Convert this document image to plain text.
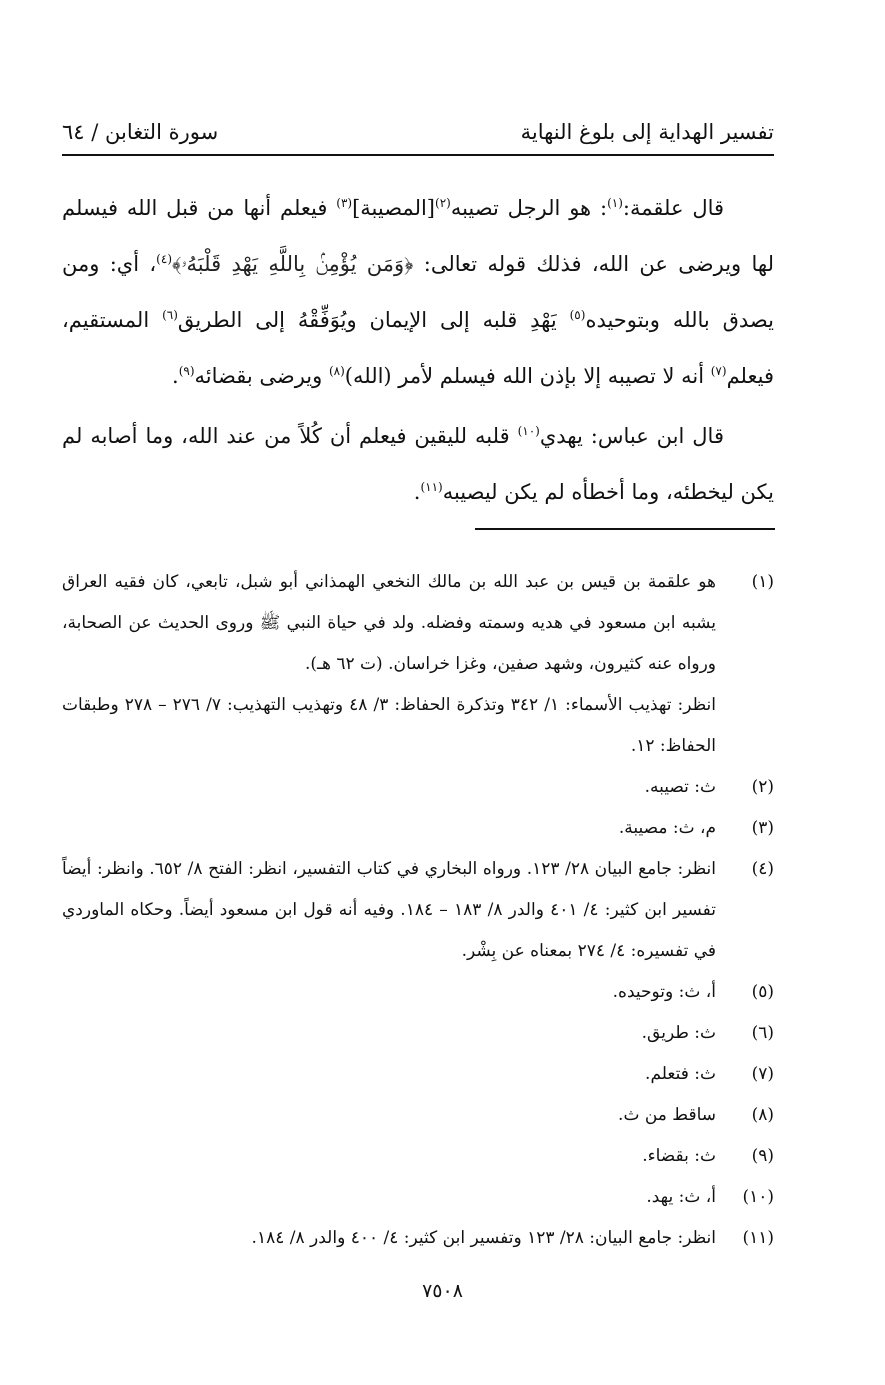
تفسير الهداية إلى بلوغ النهاية
سورة التغابن / ٦٤

قال علقمة:$^{(١)}$: هو الرجل تصيبه$^{(٢)}$[المصيبة]$^{(٣)}$ فيعلم أنها من قبل الله فيسلم لها ويرضى عن الله، فذلك قوله تعالى: ﴿وَمَن يُؤْمِنۢ بِاللَّهِ يَهْدِ قَلْبَهُۥ﴾$^{(٤)}$، أي: ومن يصدق بالله وبتوحيده$^{(٥)}$ يَهْدِ قلبه إلى الإيمان ويُوَفِّقْهُ إلى الطريق$^{(٦)}$ المستقيم، فيعلم$^{(٧)}$ أنه لا تصيبه إلا بإذن الله فيسلم لأمر (الله)$^{(٨)}$ ويرضى بقضائه$^{(٩)}$.

قال ابن عباس: يهدي$^{(١٠)}$ قلبه لليقين فيعلم أن كُلاً من عند الله، وما أصابه لم يكن ليخطئه، وما أخطأه لم يكن ليصيبه$^{(١١)}$.

(١)
هو علقمة بن قيس بن عبد الله بن مالك النخعي الهمذاني أبو شبل، تابعي، كان فقيه العراق يشبه ابن مسعود في هديه وسمته وفضله. ولد في حياة النبي ﷺ وروى الحديث عن الصحابة، ورواه عنه كثيرون، وشهد صفين، وغزا خراسان. (ت ٦٢ هـ).
انظر: تهذيب الأسماء: ١/ ٣٤٢ وتذكرة الحفاظ: ٣/ ٤٨ وتهذيب التهذيب: ٧/ ٢٧٦ – ٢٧٨ وطبقات الحفاظ: ١٢.
(٢)
ث: تصيبه.
(٣)
م، ث: مصيبة.
(٤)
انظر: جامع البيان ٢٨/ ١٢٣. ورواه البخاري في كتاب التفسير، انظر: الفتح ٨/ ٦٥٢. وانظر: أيضاً تفسير ابن كثير: ٤/ ٤٠١ والدر ٨/ ١٨٣ – ١٨٤. وفيه أنه قول ابن مسعود أيضاً. وحكاه الماوردي في تفسيره: ٤/ ٢٧٤ بمعناه عن بِشْر.
(٥)
أ، ث: وتوحيده.
(٦)
ث: طريق.
(٧)
ث: فتعلم.
(٨)
ساقط من ث.
(٩)
ث: بقضاء.
(١٠)
أ، ث: يهد.
(١١)
انظر: جامع البيان: ٢٨/ ١٢٣ وتفسير ابن كثير: ٤/ ٤٠٠ والدر ٨/ ١٨٤.
٧٥٠٨
